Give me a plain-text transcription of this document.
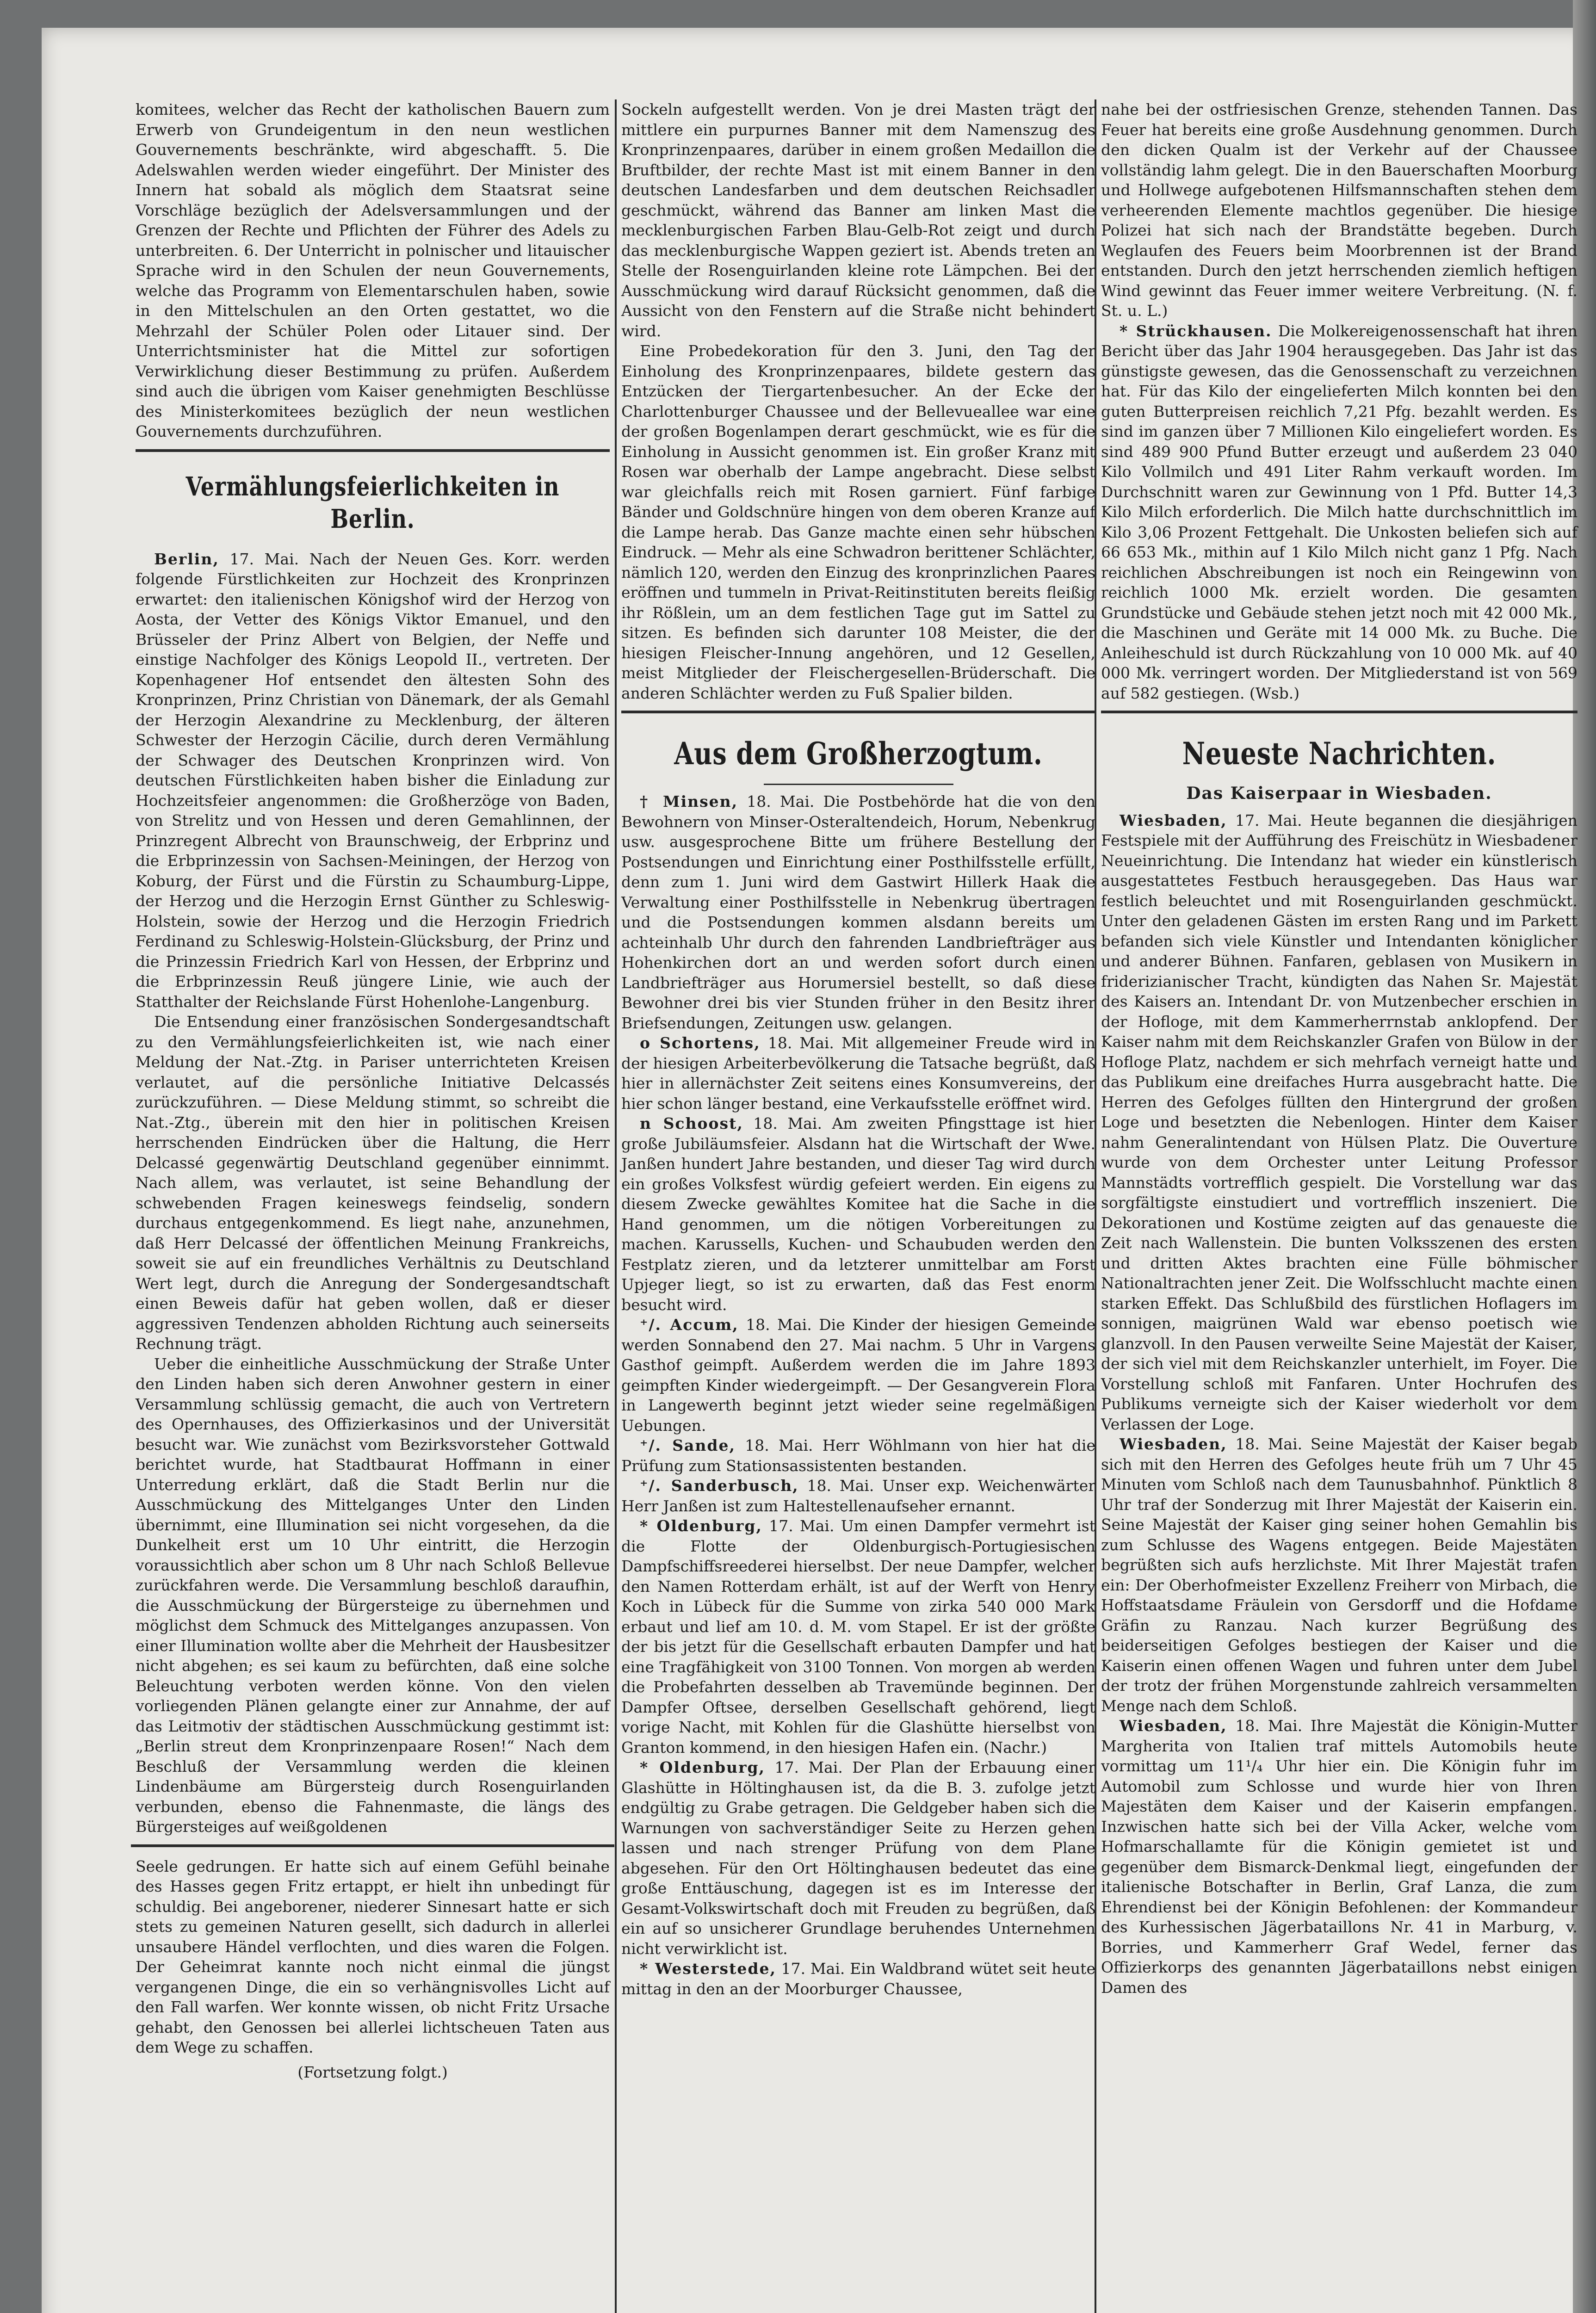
komitees, welcher das Recht der katholischen Bauern zum Erwerb von Grundeigentum in den neun westlichen Gouvernements beschränkte, wird abgeschafft. 5. Die Adelswahlen werden wieder eingeführt. Der Minister des Innern hat sobald als möglich dem Staatsrat seine Vorschläge bezüglich der Adelsversammlungen und der Grenzen der Rechte und Pflichten der Führer des Adels zu unterbreiten. 6. Der Unterricht in polnischer und litauischer Sprache wird in den Schulen der neun Gouvernements, welche das Programm von Elementarschulen haben, sowie in den Mittelschulen an den Orten gestattet, wo die Mehrzahl der Schüler Polen oder Litauer sind. Der Unterrichtsminister hat die Mittel zur sofortigen Verwirklichung dieser Bestimmung zu prüfen. Außerdem sind auch die übrigen vom Kaiser genehmigten Beschlüsse des Ministerkomitees bezüglich der neun westlichen Gouvernements durchzuführen.

Vermählungsfeierlichkeiten in Berlin.

Berlin, 17. Mai. Nach der Neuen Ges. Korr. werden folgende Fürstlichkeiten zur Hochzeit des Kronprinzen erwartet: den italienischen Königshof wird der Herzog von Aosta, der Vetter des Königs Viktor Emanuel, und den Brüsseler der Prinz Albert von Belgien, der Neffe und einstige Nachfolger des Königs Leopold II., vertreten. Der Kopenhagener Hof entsendet den ältesten Sohn des Kronprinzen, Prinz Christian von Dänemark, der als Gemahl der Herzogin Alexandrine zu Mecklenburg, der älteren Schwester der Herzogin Cäcilie, durch deren Vermählung der Schwager des Deutschen Kronprinzen wird. Von deutschen Fürstlichkeiten haben bisher die Einladung zur Hochzeitsfeier angenommen: die Großherzöge von Baden, von Strelitz und von Hessen und deren Gemahlinnen, der Prinzregent Albrecht von Braunschweig, der Erbprinz und die Erbprinzessin von Sachsen-Meiningen, der Herzog von Koburg, der Fürst und die Fürstin zu Schaumburg-Lippe, der Herzog und die Herzogin Ernst Günther zu Schleswig-Holstein, sowie der Herzog und die Herzogin Friedrich Ferdinand zu Schleswig-Holstein-Glücksburg, der Prinz und die Prinzessin Friedrich Karl von Hessen, der Erbprinz und die Erbprinzessin Reuß jüngere Linie, wie auch der Statthalter der Reichslande Fürst Hohenlohe-Langenburg.

Die Entsendung einer französischen Sondergesandtschaft zu den Vermählungsfeierlichkeiten ist, wie nach einer Meldung der Nat.-Ztg. in Pariser unterrichteten Kreisen verlautet, auf die persönliche Initiative Delcassés zurückzuführen. — Diese Meldung stimmt, so schreibt die Nat.-Ztg., überein mit den hier in politischen Kreisen herrschenden Eindrücken über die Haltung, die Herr Delcassé gegenwärtig Deutschland gegenüber einnimmt. Nach allem, was verlautet, ist seine Behandlung der schwebenden Fragen keineswegs feindselig, sondern durchaus entgegenkommend. Es liegt nahe, anzunehmen, daß Herr Delcassé der öffentlichen Meinung Frankreichs, soweit sie auf ein freundliches Verhältnis zu Deutschland Wert legt, durch die Anregung der Sondergesandtschaft einen Beweis dafür hat geben wollen, daß er dieser aggressiven Tendenzen abholden Richtung auch seinerseits Rechnung trägt.

Ueber die einheitliche Ausschmückung der Straße Unter den Linden haben sich deren Anwohner gestern in einer Versammlung schlüssig gemacht, die auch von Vertretern des Opernhauses, des Offizierkasinos und der Universität besucht war. Wie zunächst vom Bezirksvorsteher Gottwald berichtet wurde, hat Stadtbaurat Hoffmann in einer Unterredung erklärt, daß die Stadt Berlin nur die Ausschmückung des Mittelganges Unter den Linden übernimmt, eine Illumination sei nicht vorgesehen, da die Dunkelheit erst um 10 Uhr eintritt, die Herzogin voraussichtlich aber schon um 8 Uhr nach Schloß Bellevue zurückfahren werde. Die Versammlung beschloß daraufhin, die Ausschmückung der Bürgersteige zu übernehmen und möglichst dem Schmuck des Mittelganges anzupassen. Von einer Illumination wollte aber die Mehrheit der Hausbesitzer nicht abgehen; es sei kaum zu befürchten, daß eine solche Beleuchtung verboten werden könne. Von den vielen vorliegenden Plänen gelangte einer zur Annahme, der auf das Leitmotiv der städtischen Ausschmückung gestimmt ist: „Berlin streut dem Kronprinzenpaare Rosen!“ Nach dem Beschluß der Versammlung werden die kleinen Lindenbäume am Bürgersteig durch Rosenguirlanden verbunden, ebenso die Fahnenmaste, die längs des Bürgersteiges auf weißgoldenen

Seele gedrungen. Er hatte sich auf einem Gefühl beinahe des Hasses gegen Fritz ertappt, er hielt ihn unbedingt für schuldig. Bei angeborener, niederer Sinnesart hatte er sich stets zu gemeinen Naturen gesellt, sich dadurch in allerlei unsaubere Händel verflochten, und dies waren die Folgen. Der Geheimrat kannte noch nicht einmal die jüngst vergangenen Dinge, die ein so verhängnisvolles Licht auf den Fall warfen. Wer konnte wissen, ob nicht Fritz Ursache gehabt, den Genossen bei allerlei lichtscheuen Taten aus dem Wege zu schaffen.

(Fortsetzung folgt.)

Sockeln aufgestellt werden. Von je drei Masten trägt der mittlere ein purpurnes Banner mit dem Namenszug des Kronprinzenpaares, darüber in einem großen Medaillon die Bruftbilder, der rechte Mast ist mit einem Banner in den deutschen Landesfarben und dem deutschen Reichsadler geschmückt, während das Banner am linken Mast die mecklenburgischen Farben Blau-Gelb-Rot zeigt und durch das mecklenburgische Wappen geziert ist. Abends treten an Stelle der Rosenguirlanden kleine rote Lämpchen. Bei der Ausschmückung wird darauf Rücksicht genommen, daß die Aussicht von den Fenstern auf die Straße nicht behindert wird.

Eine Probedekoration für den 3. Juni, den Tag der Einholung des Kronprinzenpaares, bildete gestern das Entzücken der Tiergartenbesucher. An der Ecke der Charlottenburger Chaussee und der Bellevueallee war eine der großen Bogenlampen derart geschmückt, wie es für die Einholung in Aussicht genommen ist. Ein großer Kranz mit Rosen war oberhalb der Lampe angebracht. Diese selbst war gleichfalls reich mit Rosen garniert. Fünf farbige Bänder und Goldschnüre hingen von dem oberen Kranze auf die Lampe herab. Das Ganze machte einen sehr hübschen Eindruck. — Mehr als eine Schwadron berittener Schlächter, nämlich 120, werden den Einzug des kronprinzlichen Paares eröffnen und tummeln in Privat-Reitinstituten bereits fleißig ihr Rößlein, um an dem festlichen Tage gut im Sattel zu sitzen. Es befinden sich darunter 108 Meister, die der hiesigen Fleischer-Innung angehören, und 12 Gesellen, meist Mitglieder der Fleischergesellen-Brüderschaft. Die anderen Schlächter werden zu Fuß Spalier bilden.

Aus dem Großherzogtum.

† Minsen, 18. Mai. Die Postbehörde hat die von den Bewohnern von Minser-Osteraltendeich, Horum, Nebenkrug usw. ausgesprochene Bitte um frühere Bestellung der Postsendungen und Einrichtung einer Posthilfsstelle erfüllt, denn zum 1. Juni wird dem Gastwirt Hillerk Haak die Verwaltung einer Posthilfsstelle in Nebenkrug übertragen und die Postsendungen kommen alsdann bereits um achteinhalb Uhr durch den fahrenden Landbriefträger aus Hohenkirchen dort an und werden sofort durch einen Landbriefträger aus Horumersiel bestellt, so daß diese Bewohner drei bis vier Stunden früher in den Besitz ihrer Briefsendungen, Zeitungen usw. gelangen.

o Schortens, 18. Mai. Mit allgemeiner Freude wird in der hiesigen Arbeiterbevölkerung die Tatsache begrüßt, daß hier in allernächster Zeit seitens eines Konsumvereins, der hier schon länger bestand, eine Verkaufsstelle eröffnet wird.

n Schoost, 18. Mai. Am zweiten Pfingsttage ist hier große Jubiläumsfeier. Alsdann hat die Wirtschaft der Wwe. Janßen hundert Jahre bestanden, und dieser Tag wird durch ein großes Volksfest würdig gefeiert werden. Ein eigens zu diesem Zwecke gewähltes Komitee hat die Sache in die Hand genommen, um die nötigen Vorbereitungen zu machen. Karussells, Kuchen- und Schaubuden werden den Festplatz zieren, und da letzterer unmittelbar am Forst Upjeger liegt, so ist zu erwarten, daß das Fest enorm besucht wird.

⁺/. Accum, 18. Mai. Die Kinder der hiesigen Gemeinde werden Sonnabend den 27. Mai nachm. 5 Uhr in Vargens Gasthof geimpft. Außerdem werden die im Jahre 1893 geimpften Kinder wiedergeimpft. — Der Gesangverein Flora in Langewerth beginnt jetzt wieder seine regelmäßigen Uebungen.

⁺/. Sande, 18. Mai. Herr Wöhlmann von hier hat die Prüfung zum Stationsassistenten bestanden.

⁺/. Sanderbusch, 18. Mai. Unser exp. Weichenwärter Herr Janßen ist zum Haltestellenaufseher ernannt.

* Oldenburg, 17. Mai. Um einen Dampfer vermehrt ist die Flotte der Oldenburgisch-Portugiesischen Dampfschiffsreederei hierselbst. Der neue Dampfer, welcher den Namen Rotterdam erhält, ist auf der Werft von Henry Koch in Lübeck für die Summe von zirka 540 000 Mark erbaut und lief am 10. d. M. vom Stapel. Er ist der größte der bis jetzt für die Gesellschaft erbauten Dampfer und hat eine Tragfähigkeit von 3100 Tonnen. Von morgen ab werden die Probefahrten desselben ab Travemünde beginnen. Der Dampfer Oftsee, derselben Gesellschaft gehörend, liegt vorige Nacht, mit Kohlen für die Glashütte hierselbst von Granton kommend, in den hiesigen Hafen ein. (Nachr.)

* Oldenburg, 17. Mai. Der Plan der Erbauung einer Glashütte in Höltinghausen ist, da die B. 3. zufolge jetzt endgültig zu Grabe getragen. Die Geldgeber haben sich die Warnungen von sachverständiger Seite zu Herzen gehen lassen und nach strenger Prüfung von dem Plane abgesehen. Für den Ort Höltinghausen bedeutet das eine große Enttäuschung, dagegen ist es im Interesse der Gesamt-Volkswirtschaft doch mit Freuden zu begrüßen, daß ein auf so unsicherer Grundlage beruhendes Unternehmen nicht verwirklicht ist.

* Westerstede, 17. Mai. Ein Waldbrand wütet seit heute mittag in den an der Moorburger Chaussee,

nahe bei der ostfriesischen Grenze, stehenden Tannen. Das Feuer hat bereits eine große Ausdehnung genommen. Durch den dicken Qualm ist der Verkehr auf der Chaussee vollständig lahm gelegt. Die in den Bauerschaften Moorburg und Hollwege aufgebotenen Hilfsmannschaften stehen dem verheerenden Elemente machtlos gegenüber. Die hiesige Polizei hat sich nach der Brandstätte begeben. Durch Weglaufen des Feuers beim Moorbrennen ist der Brand entstanden. Durch den jetzt herrschenden ziemlich heftigen Wind gewinnt das Feuer immer weitere Verbreitung. (N. f. St. u. L.)

* Strückhausen. Die Molkereigenossenschaft hat ihren Bericht über das Jahr 1904 herausgegeben. Das Jahr ist das günstigste gewesen, das die Genossenschaft zu verzeichnen hat. Für das Kilo der eingelieferten Milch konnten bei den guten Butterpreisen reichlich 7,21 Pfg. bezahlt werden. Es sind im ganzen über 7 Millionen Kilo eingeliefert worden. Es sind 489 900 Pfund Butter erzeugt und außerdem 23 040 Kilo Vollmilch und 491 Liter Rahm verkauft worden. Im Durchschnitt waren zur Gewinnung von 1 Pfd. Butter 14,3 Kilo Milch erforderlich. Die Milch hatte durchschnittlich im Kilo 3,06 Prozent Fettgehalt. Die Unkosten beliefen sich auf 66 653 Mk., mithin auf 1 Kilo Milch nicht ganz 1 Pfg. Nach reichlichen Abschreibungen ist noch ein Reingewinn von reichlich 1000 Mk. erzielt worden. Die gesamten Grundstücke und Gebäude stehen jetzt noch mit 42 000 Mk., die Maschinen und Geräte mit 14 000 Mk. zu Buche. Die Anleiheschuld ist durch Rückzahlung von 10 000 Mk. auf 40 000 Mk. verringert worden. Der Mitgliederstand ist von 569 auf 582 gestiegen. (Wsb.)

Neueste Nachrichten.
Das Kaiserpaar in Wiesbaden.

Wiesbaden, 17. Mai. Heute begannen die diesjährigen Festspiele mit der Aufführung des Freischütz in Wiesbadener Neueinrichtung. Die Intendanz hat wieder ein künstlerisch ausgestattetes Festbuch herausgegeben. Das Haus war festlich beleuchtet und mit Rosenguirlanden geschmückt. Unter den geladenen Gästen im ersten Rang und im Parkett befanden sich viele Künstler und Intendanten königlicher und anderer Bühnen. Fanfaren, geblasen von Musikern in friderizianischer Tracht, kündigten das Nahen Sr. Majestät des Kaisers an. Intendant Dr. von Mutzenbecher erschien in der Hofloge, mit dem Kammerherrnstab anklopfend. Der Kaiser nahm mit dem Reichskanzler Grafen von Bülow in der Hofloge Platz, nachdem er sich mehrfach verneigt hatte und das Publikum eine dreifaches Hurra ausgebracht hatte. Die Herren des Gefolges füllten den Hintergrund der großen Loge und besetzten die Nebenlogen. Hinter dem Kaiser nahm Generalintendant von Hülsen Platz. Die Ouverture wurde von dem Orchester unter Leitung Professor Mannstädts vortrefflich gespielt. Die Vorstellung war das sorgfältigste einstudiert und vortrefflich inszeniert. Die Dekorationen und Kostüme zeigten auf das genaueste die Zeit nach Wallenstein. Die bunten Volksszenen des ersten und dritten Aktes brachten eine Fülle böhmischer Nationaltrachten jener Zeit. Die Wolfsschlucht machte einen starken Effekt. Das Schlußbild des fürstlichen Hoflagers im sonnigen, maigrünen Wald war ebenso poetisch wie glanzvoll. In den Pausen verweilte Seine Majestät der Kaiser, der sich viel mit dem Reichskanzler unterhielt, im Foyer. Die Vorstellung schloß mit Fanfaren. Unter Hochrufen des Publikums verneigte sich der Kaiser wiederholt vor dem Verlassen der Loge.

Wiesbaden, 18. Mai. Seine Majestät der Kaiser begab sich mit den Herren des Gefolges heute früh um 7 Uhr 45 Minuten vom Schloß nach dem Taunusbahnhof. Pünktlich 8 Uhr traf der Sonderzug mit Ihrer Majestät der Kaiserin ein. Seine Majestät der Kaiser ging seiner hohen Gemahlin bis zum Schlusse des Wagens entgegen. Beide Majestäten begrüßten sich aufs herzlichste. Mit Ihrer Majestät trafen ein: Der Oberhofmeister Exzellenz Freiherr von Mirbach, die Hoffstaatsdame Fräulein von Gersdorff und die Hofdame Gräfin zu Ranzau. Nach kurzer Begrüßung des beiderseitigen Gefolges bestiegen der Kaiser und die Kaiserin einen offenen Wagen und fuhren unter dem Jubel der trotz der frühen Morgenstunde zahlreich versammelten Menge nach dem Schloß.

Wiesbaden, 18. Mai. Ihre Majestät die Königin-Mutter Margherita von Italien traf mittels Automobils heute vormittag um 11¹/₄ Uhr hier ein. Die Königin fuhr im Automobil zum Schlosse und wurde hier von Ihren Majestäten dem Kaiser und der Kaiserin empfangen. Inzwischen hatte sich bei der Villa Acker, welche vom Hofmarschallamte für die Königin gemietet ist und gegenüber dem Bismarck-Denkmal liegt, eingefunden der italienische Botschafter in Berlin, Graf Lanza, die zum Ehrendienst bei der Königin Befohlenen: der Kommandeur des Kurhessischen Jägerbataillons Nr. 41 in Marburg, v. Borries, und Kammerherr Graf Wedel, ferner das Offizierkorps des genannten Jägerbataillons nebst einigen Damen des
